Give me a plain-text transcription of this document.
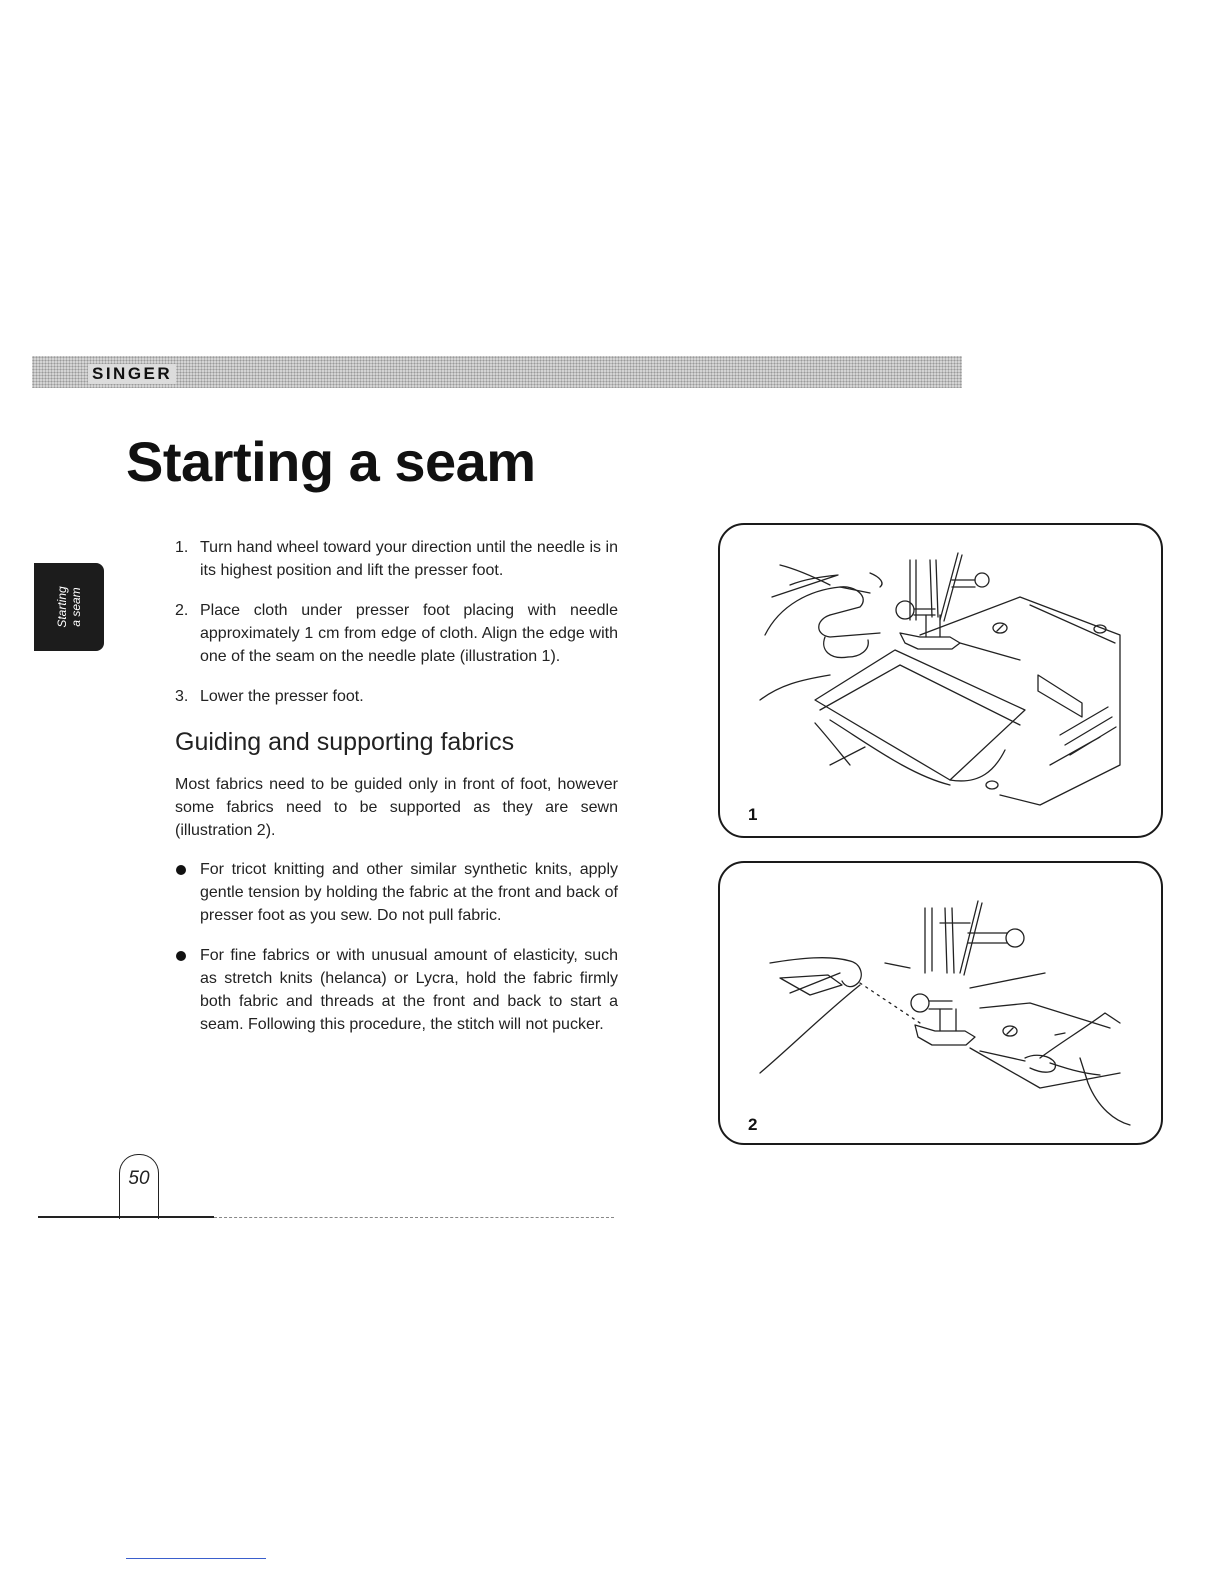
SINGER
Starting a seam
Starting a seam
1. Turn hand wheel toward your direction until the needle is in its highest position and lift the presser foot.
2. Place cloth under presser foot placing with needle approximately 1 cm from edge of cloth. Align the edge with one of the seam on the needle plate (illustration 1).
3. Lower the presser foot.
Guiding and supporting fabrics

Most fabrics need to be guided only in front of foot, however some fabrics need to be supported as they are sewn (illustration 2).

For tricot knitting and other similar synthetic knits, apply gentle tension by holding the fabric at the front and back of presser foot as you sew. Do not pull fabric.
For fine fabrics or with unusual amount of elasticity, such as stretch knits (helanca) or Lycra, hold the fabric firmly both fabric and threads at the front and back to start a seam. Following this procedure, the stitch will not pucker.
1
2
50
